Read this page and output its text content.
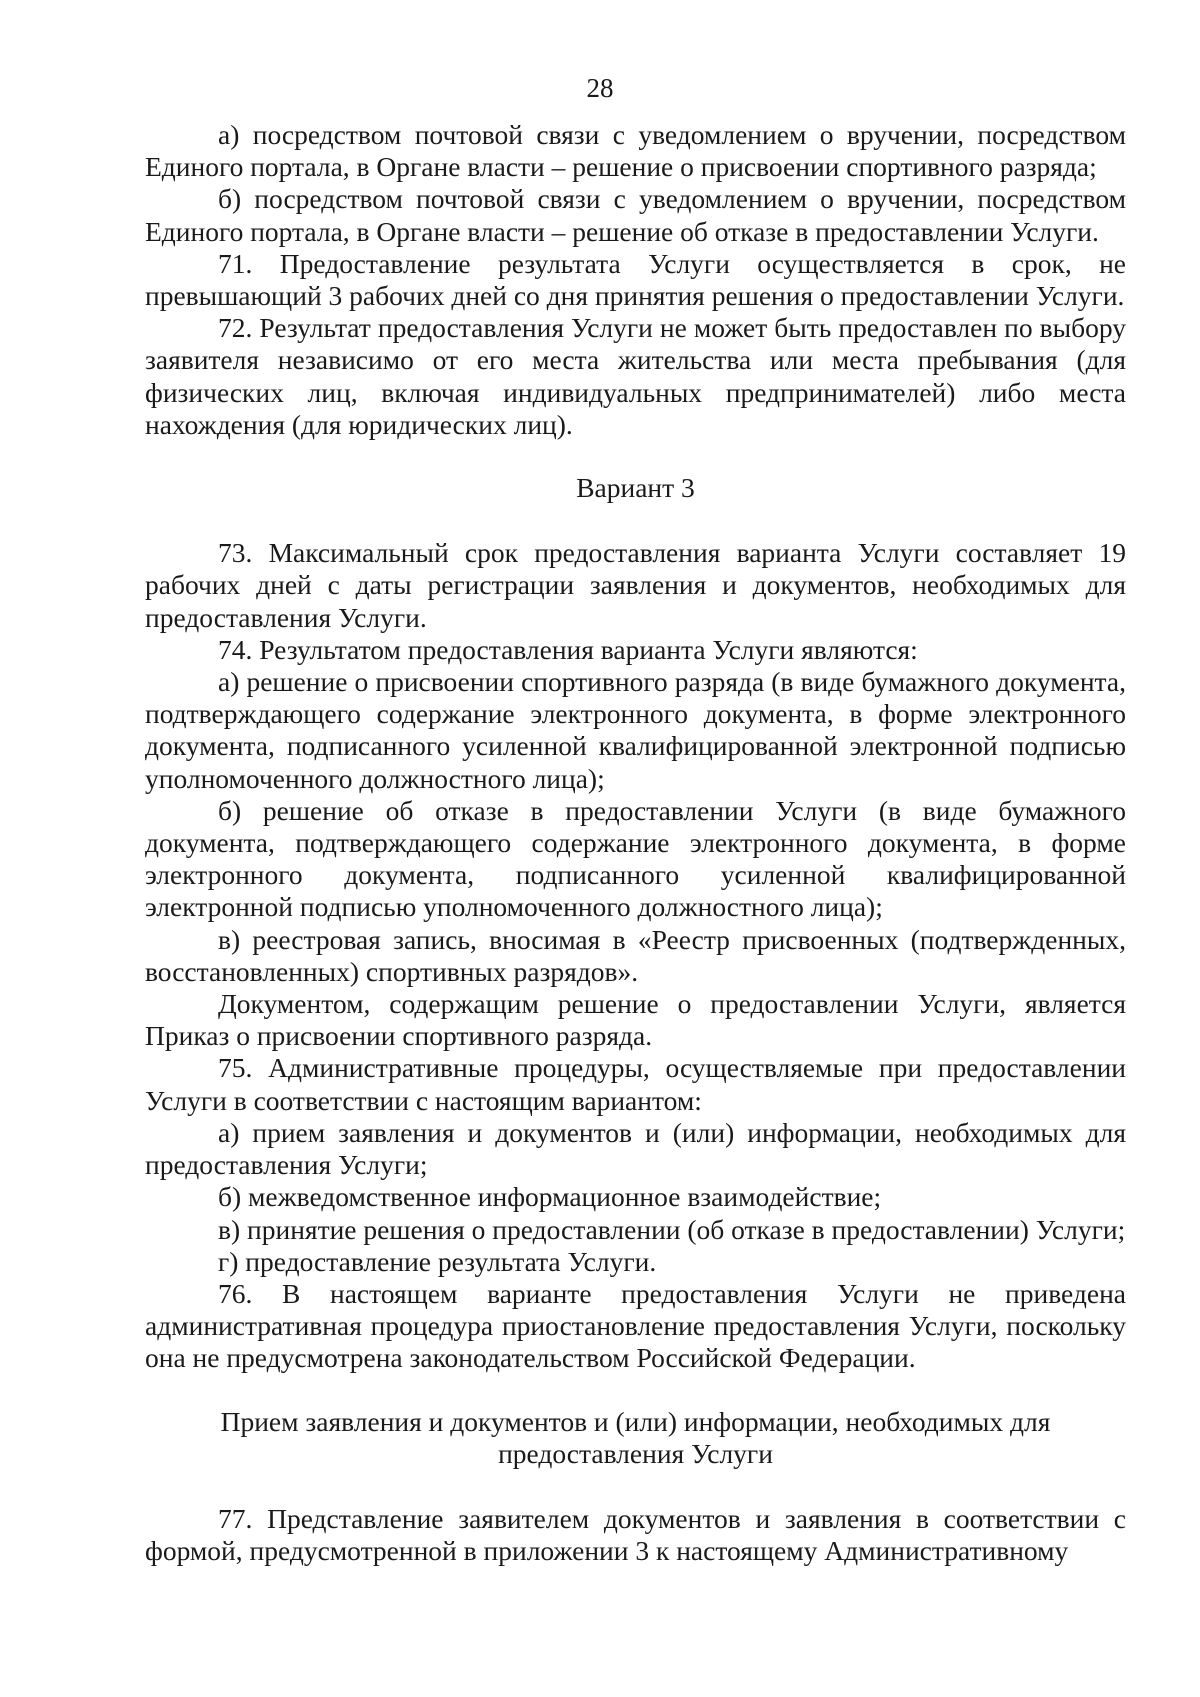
28

а) посредством почтовой связи с уведомлением о вручении, посредством Единого портала, в Органе власти – решение о присвоении спортивного разряда;

б) посредством почтовой связи с уведомлением о вручении, посредством Единого портала, в Органе власти – решение об отказе в предоставлении Услуги.

71. Предоставление результата Услуги осуществляется в срок, не превышающий 3 рабочих дней со дня принятия решения о предоставлении Услуги.

72. Результат предоставления Услуги не может быть предоставлен по выбору заявителя независимо от его места жительства или места пребывания (для физических лиц, включая индивидуальных предпринимателей) либо места нахождения (для юридических лиц).

Вариант 3

73. Максимальный срок предоставления варианта Услуги составляет 19 рабочих дней с даты регистрации заявления и документов, необходимых для предоставления Услуги.

74. Результатом предоставления варианта Услуги являются:

а) решение о присвоении спортивного разряда (в виде бумажного документа, подтверждающего содержание электронного документа, в форме электронного документа, подписанного усиленной квалифицированной электронной подписью уполномоченного должностного лица);

б) решение об отказе в предоставлении Услуги (в виде бумажного документа, подтверждающего содержание электронного документа, в форме электронного документа, подписанного усиленной квалифицированной электронной подписью уполномоченного должностного лица);

в) реестровая запись, вносимая в «Реестр присвоенных (подтвержденных, восстановленных) спортивных разрядов».

Документом, содержащим решение о предоставлении Услуги, является Приказ о присвоении спортивного разряда.

75. Административные процедуры, осуществляемые при предоставлении Услуги в соответствии с настоящим вариантом:

а) прием заявления и документов и (или) информации, необходимых для предоставления Услуги;

б) межведомственное информационное взаимодействие;

в) принятие решения о предоставлении (об отказе в предоставлении) Услуги;

г) предоставление результата Услуги.

76. В настоящем варианте предоставления Услуги не приведена административная процедура приостановление предоставления Услуги, поскольку она не предусмотрена законодательством Российской Федерации.

Прием заявления и документов и (или) информации, необходимых для предоставления Услуги

77. Представление заявителем документов и заявления в соответствии с формой, предусмотренной в приложении 3 к настоящему Административному
